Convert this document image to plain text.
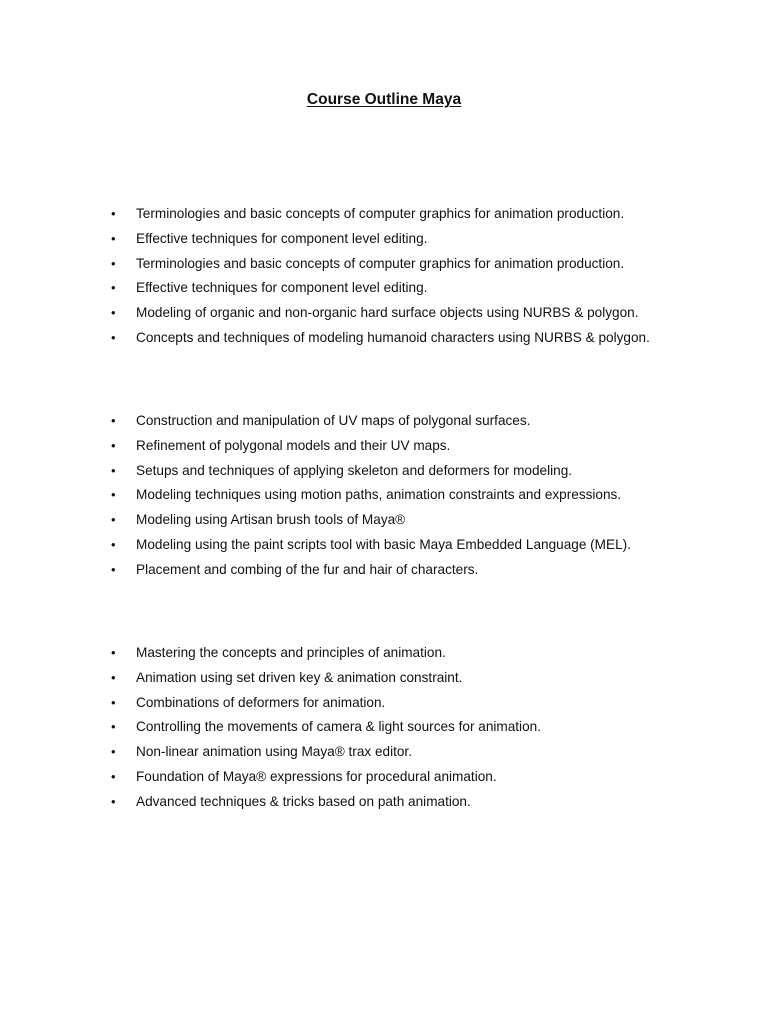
Course Outline Maya
• Terminologies and basic concepts of computer graphics for animation production.
• Effective techniques for component level editing.
• Terminologies and basic concepts of computer graphics for animation production.
• Effective techniques for component level editing.
• Modeling of organic and non-organic hard surface objects using NURBS & polygon.
• Concepts and techniques of modeling humanoid characters using NURBS & polygon.
• Construction and manipulation of UV maps of polygonal surfaces.
• Refinement of polygonal models and their UV maps.
• Setups and techniques of applying skeleton and deformers for modeling.
• Modeling techniques using motion paths, animation constraints and expressions.
• Modeling using Artisan brush tools of Maya®
• Modeling using the paint scripts tool with basic Maya Embedded Language (MEL).
• Placement and combing of the fur and hair of characters.
• Mastering the concepts and principles of animation.
• Animation using set driven key & animation constraint.
• Combinations of deformers for animation.
• Controlling the movements of camera & light sources for animation.
• Non-linear animation using Maya® trax editor.
• Foundation of Maya® expressions for procedural animation.
• Advanced techniques & tricks based on path animation.
